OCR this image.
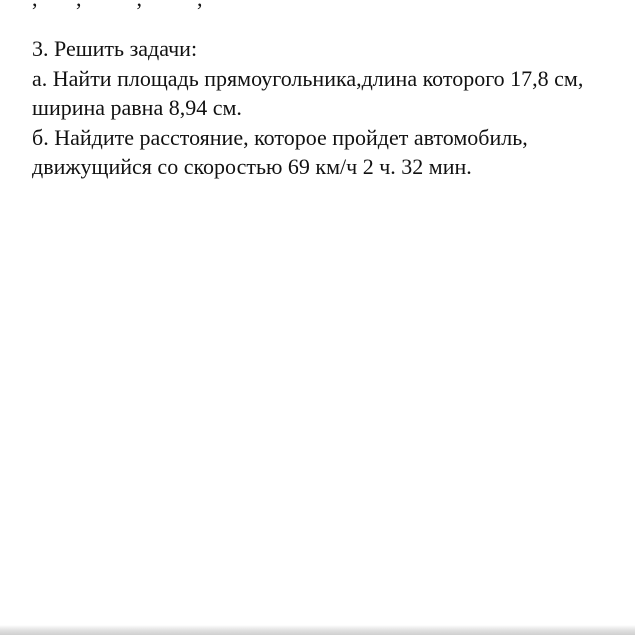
3. Решить задачи:
а. Найти площадь прямоугольника,длина которого 17,8 см,
ширина равна 8,94 см.
б. Найдите расстояние, которое пройдет автомобиль,
движущийся со скоростью 69 км/ч 2 ч. 32 мин.
